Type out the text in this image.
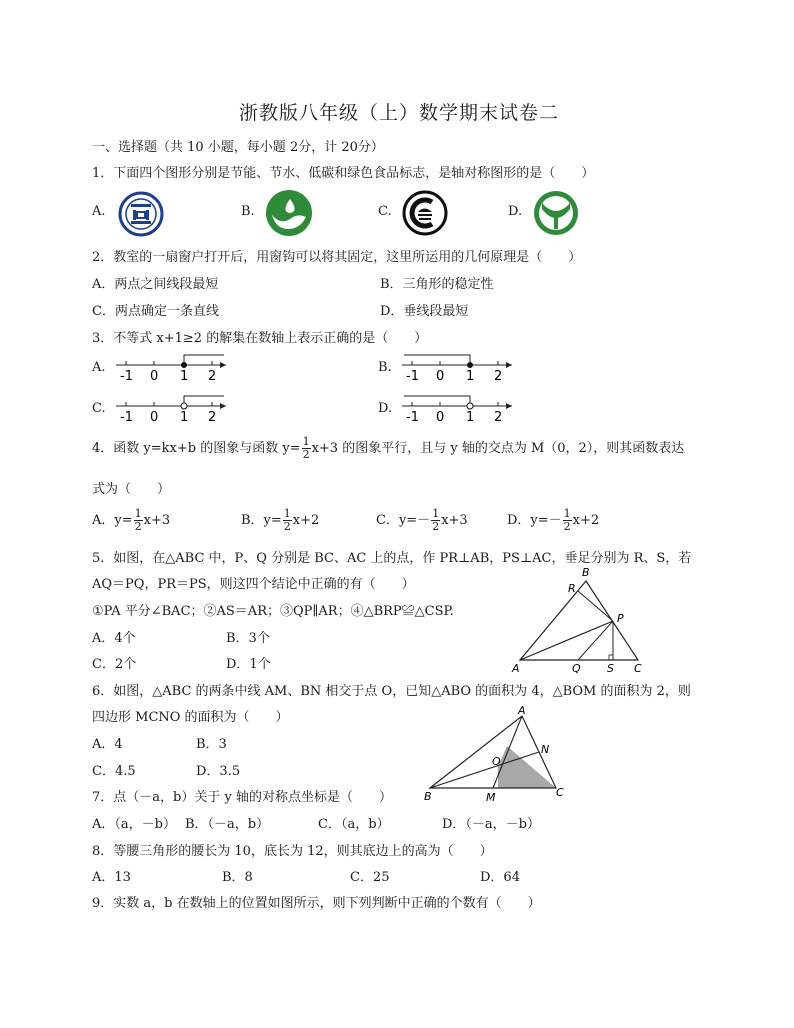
浙教版八年级（上）数学期末试卷二
一、选择题（共 10 小题，每小题 2分，计 20分）
1．下面四个图形分别是节能、节水、低碳和绿色食品标志，是轴对称图形的是（　　）
A.	B.	C.	D.
2．教室的一扇窗户打开后，用窗钩可以将其固定，这里所运用的几何原理是（　　）
A．两点之间线段最短	B．三角形的稳定性
C．两点确定一条直线	D．垂线段最短
3．不等式 x+1≥2 的解集在数轴上表示正确的是（　　）
A.	B.
C.	D.
-1 0 1 2	-1 0 1 2
-1 0 1 2	-1 0 1 2
4．函数 y=kx+b 的图象与函数 $y= \frac{1}{2} x+3$ 的图象平行，且与 y 轴的交点为 M（0，2），则其函数表达
式为（　　）
A．$y= \frac{1}{2} x+3$	B．$y= \frac{1}{2} x+2$	C．$y=- \frac{1}{2} x+3$	D．$y=- \frac{1}{2} x+2$
5．如图，在△ABC 中，P、Q 分别是 BC、AC 上的点，作 PR⊥AB，PS⊥AC，垂足分别为 R、S，若
AQ＝PQ，PR＝PS，则这四个结论中正确的有（　　）
①PA 平分∠BAC；②AS＝AR；③QP∥AR；④△BRP≌△CSP.
A．4个	B．3个
C．2个	D．1个	A
B
C
P
Q
R
S
6．如图，△ABC 的两条中线 AM、BN 相交于点 O，已知△ABO 的面积为 4，△BOM 的面积为 2，则
四边形 MCNO 的面积为（　　）
A．4	B．3
C．4.5	D．3.5
A
B	C
M
N
O
7．点（－a，b）关于 y 轴的对称点坐标是（　　）
A．（a，－b） B．（－a，b）	C．（a，b）	D．（－a，－b）
8．等腰三角形的腰长为 10，底长为 12，则其底边上的高为（　　）
A．13	B．8	C．25	D．64
9．实数 a，b 在数轴上的位置如图所示，则下列判断中正确的个数有（　　）
